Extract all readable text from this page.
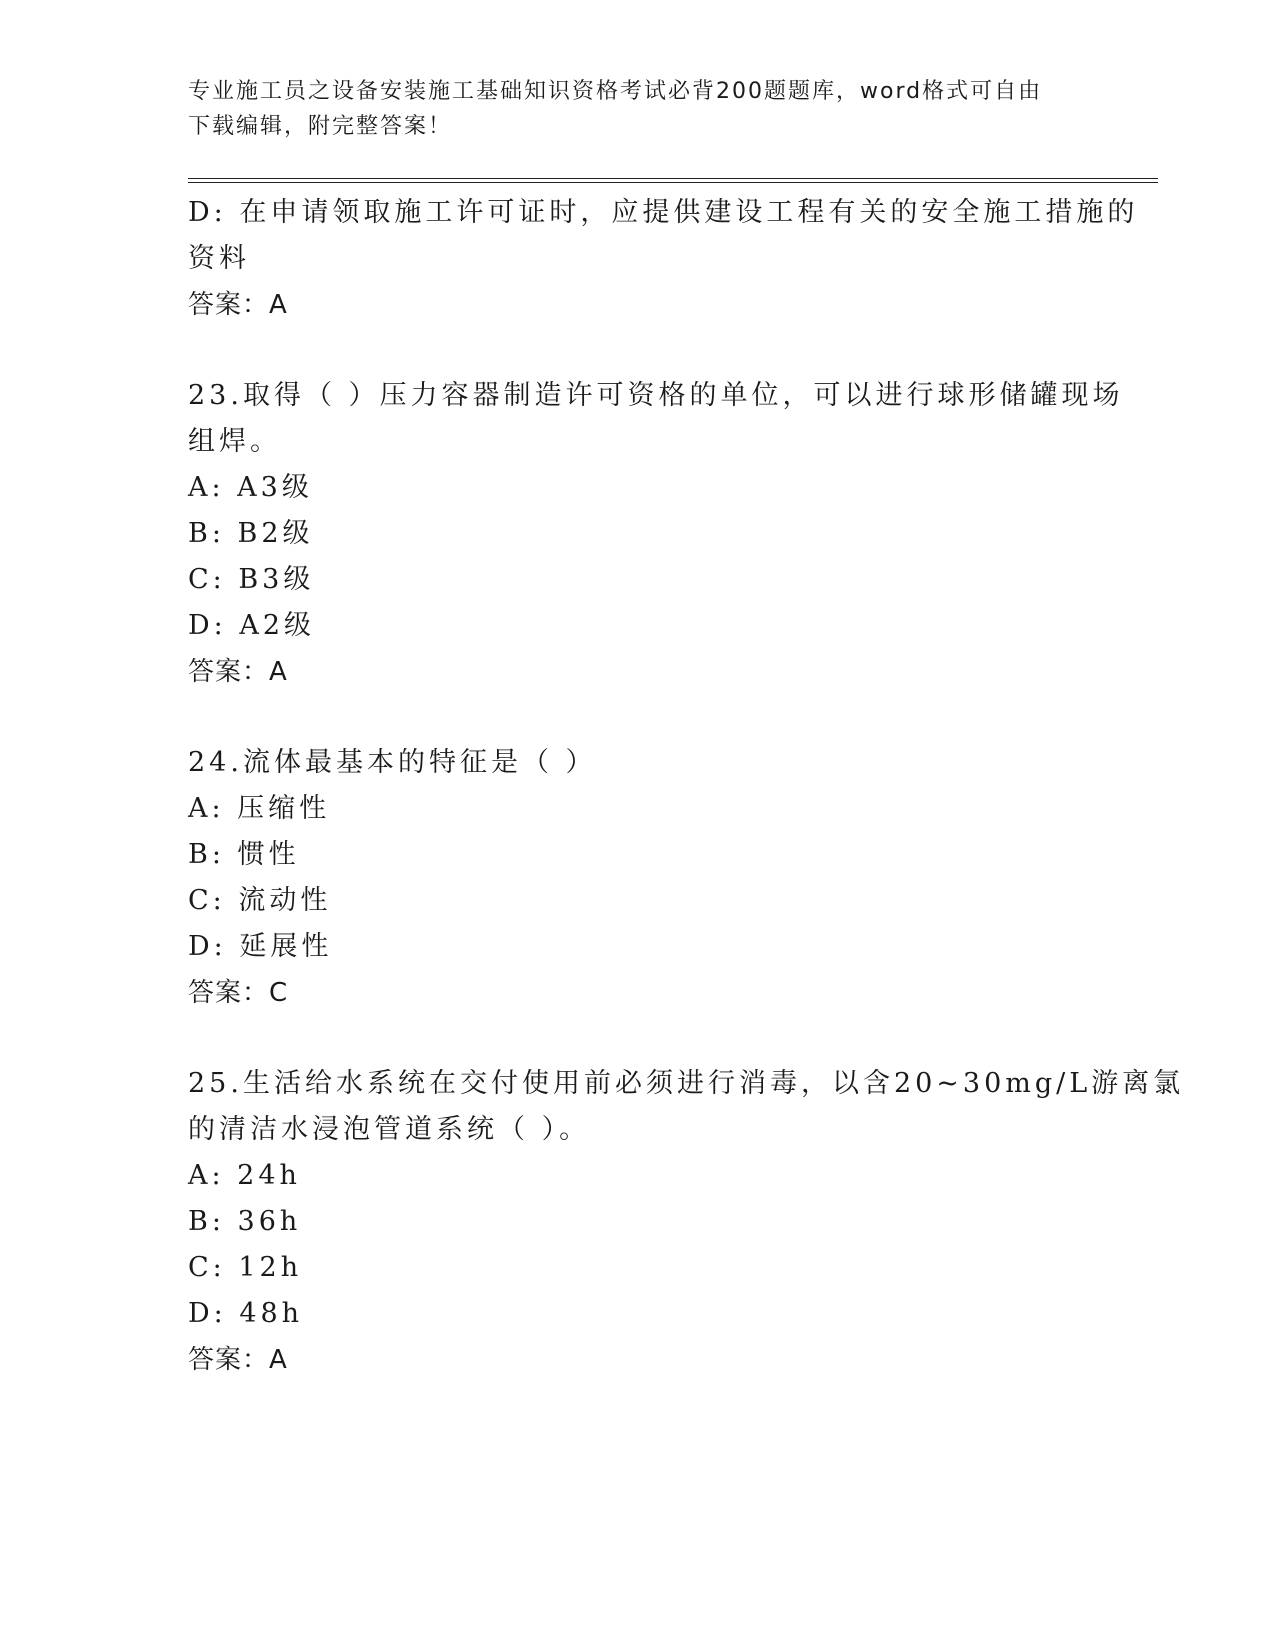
专业施工员之设备安装施工基础知识资格考试必背200题题库，word格式可自由
下载编辑，附完整答案！
D: 在申请领取施工许可证时，应提供建设工程有关的安全施工措施的
资料
答案：A
23.取得（ ）压力容器制造许可资格的单位，可以进行球形储罐现场
组焊。
A: A3级
B: B2级
C: B3级
D: A2级
答案：A
24.流体最基本的特征是（ ）
A: 压缩性
B: 惯性
C: 流动性
D: 延展性
答案：C
25.生活给水系统在交付使用前必须进行消毒，以含20~30mg/L游离氯
的清洁水浸泡管道系统（ ）。
A: 24h
B: 36h
C: 12h
D: 48h
答案：A
